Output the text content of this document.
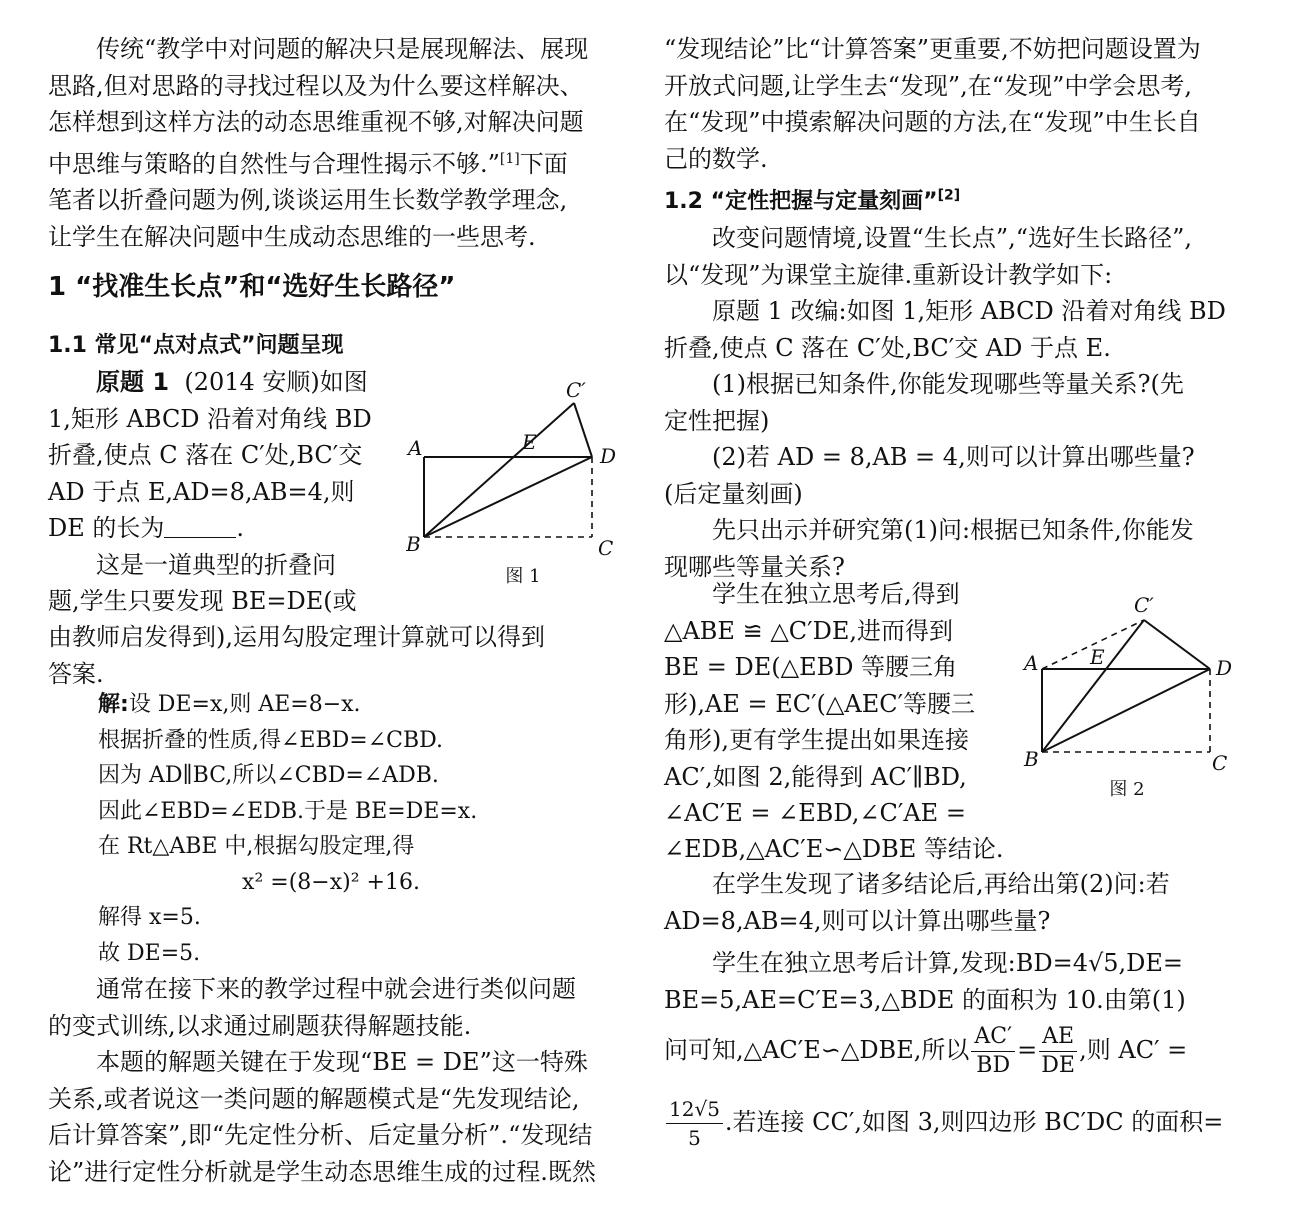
传统“教学中对问题的解决只是展现解法、展现

思路,但对思路的寻找过程以及为什么要这样解决、

怎样想到这样方法的动态思维重视不够,对解决问题

中思维与策略的自然性与合理性揭示不够.”[1]下面

笔者以折叠问题为例,谈谈运用生长数学教学理念,

让学生在解决问题中生成动态思维的一些思考.

1 “找准生长点”和“选好生长路径”
1.1 常见“点对点式”问题呈现

原题 1 (2014 安顺)如图

1,矩形 ABCD 沿着对角线 BD

折叠,使点 C 落在 C′处,BC′交

AD 于点 E,AD=8,AB=4,则

DE 的长为	.

这是一道典型的折叠问

题,学生只要发现 BE=DE(或

由教师启发得到),运用勾股定理计算就可以得到

答案.

C′
A	E
D
B	C
图 1

解:设 DE=x,则 AE=8−x.

根据折叠的性质,得∠EBD=∠CBD.

因为 AD∥BC,所以∠CBD=∠ADB.

因此∠EBD=∠EDB.于是 BE=DE=x.

在 Rt△ABE 中,根据勾股定理,得

x² =(8−x)² +16.

解得 x=5.

故 DE=5.

通常在接下来的教学过程中就会进行类似问题

的变式训练,以求通过刷题获得解题技能.

本题的解题关键在于发现“BE = DE”这一特殊

关系,或者说这一类问题的解题模式是“先发现结论,

后计算答案”,即“先定性分析、后定量分析”.“发现结

论”进行定性分析就是学生动态思维生成的过程.既然

“发现结论”比“计算答案”更重要,不妨把问题设置为

开放式问题,让学生去“发现”,在“发现”中学会思考,

在“发现”中摸索解决问题的方法,在“发现”中生长自

己的数学.

1.2 “定性把握与定量刻画”[2]

改变问题情境,设置“生长点”,“选好生长路径”,

以“发现”为课堂主旋律.重新设计教学如下:

原题 1 改编:如图 1,矩形 ABCD 沿着对角线 BD

折叠,使点 C 落在 C′处,BC′交 AD 于点 E.

(1)根据已知条件,你能发现哪些等量关系?(先

定性把握)

(2)若 AD = 8,AB = 4,则可以计算出哪些量?

(后定量刻画)

先只出示并研究第(1)问:根据已知条件,你能发

现哪些等量关系?

学生在独立思考后,得到

△ABE ≌ △C′DE,进而得到

BE = DE(△EBD 等腰三角

形),AE = EC′(△AEC′等腰三

角形),更有学生提出如果连接

AC′,如图 2,能得到 AC′∥BD,

∠AC′E = ∠EBD,∠C′AE =

∠EDB,△AC′E∽△DBE 等结论.

C′
A	E	D
B	C
图 2

在学生发现了诸多结论后,再给出第(2)问:若

AD=8,AB=4,则可以计算出哪些量?

学生在独立思考后计算,发现:BD=4√5,DE=

BE=5,AE=C′E=3,△BDE 的面积为 10.由第(1)

问可知,△AC′E∽△DBE,所以 $\frac{AC'}{BD} = \frac{AE}{DE}$ ,则 AC′ =
$\frac{12√5}{5}$ .若连接 CC′,如图 3,则四边形 BC′DC 的面积=
